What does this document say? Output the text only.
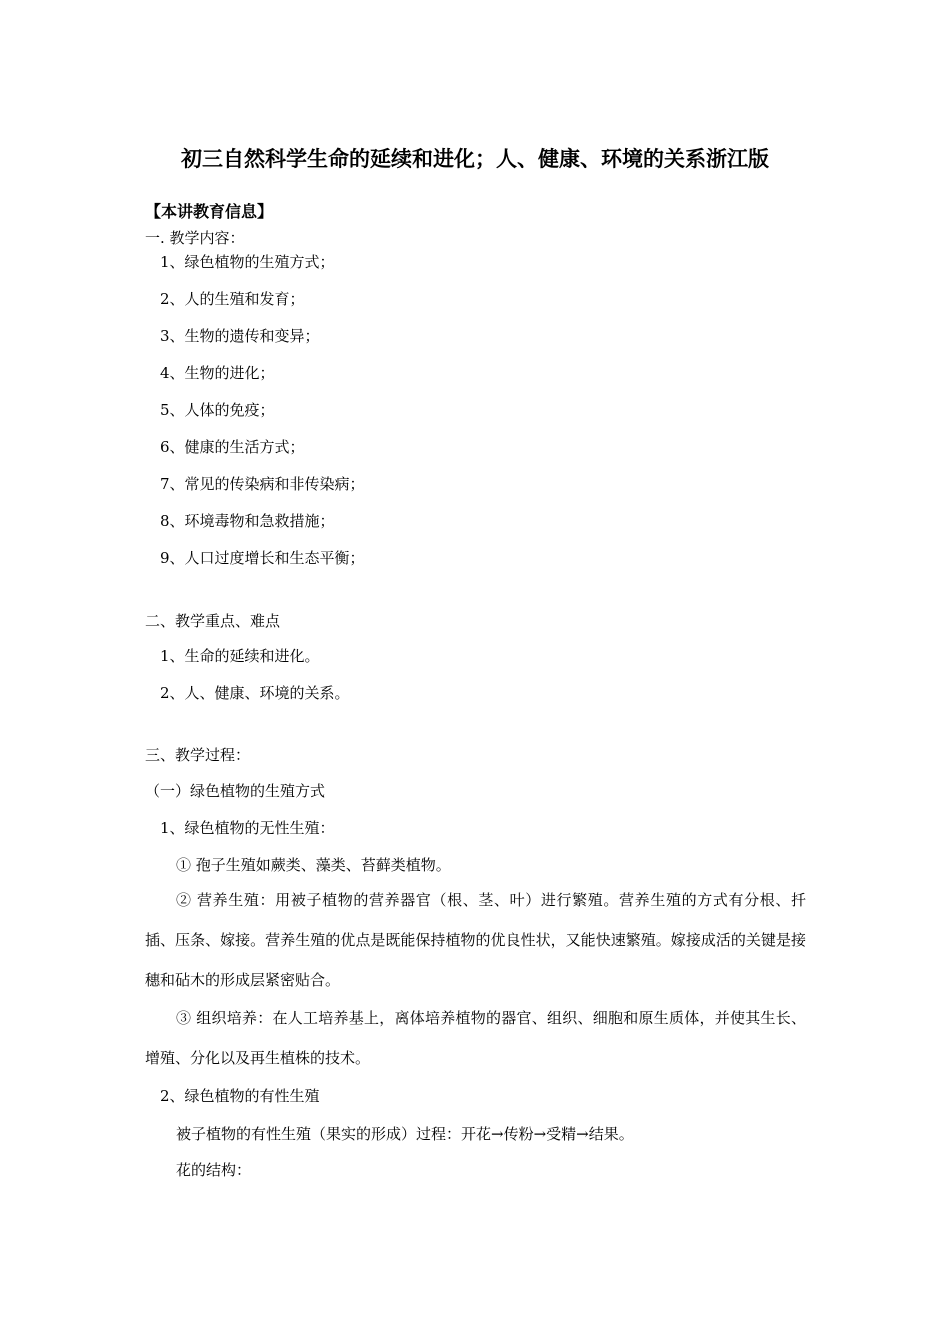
初三自然科学生命的延续和进化；人、健康、环境的关系浙江版
【本讲教育信息】
一. 教学内容：
1、绿色植物的生殖方式；
2、人的生殖和发育；
3、生物的遗传和变异；
4、生物的进化；
5、人体的免疫；
6、健康的生活方式；
7、常见的传染病和非传染病；
8、环境毒物和急救措施；
9、人口过度增长和生态平衡；
二、教学重点、难点
1、生命的延续和进化。
2、人、健康、环境的关系。
三、教学过程：
（一）绿色植物的生殖方式
1、绿色植物的无性生殖：
① 孢子生殖如蕨类、藻类、苔藓类植物。
② 营养生殖：用被子植物的营养器官（根、茎、叶）进行繁殖。营养生殖的方式有分根、扦插、压条、嫁接。营养生殖的优点是既能保持植物的优良性状，又能快速繁殖。嫁接成活的关键是接穗和砧木的形成层紧密贴合。
③ 组织培养：在人工培养基上，离体培养植物的器官、组织、细胞和原生质体，并使其生长、增殖、分化以及再生植株的技术。
2、绿色植物的有性生殖
被子植物的有性生殖（果实的形成）过程：开花→传粉→受精→结果。
花的结构：
